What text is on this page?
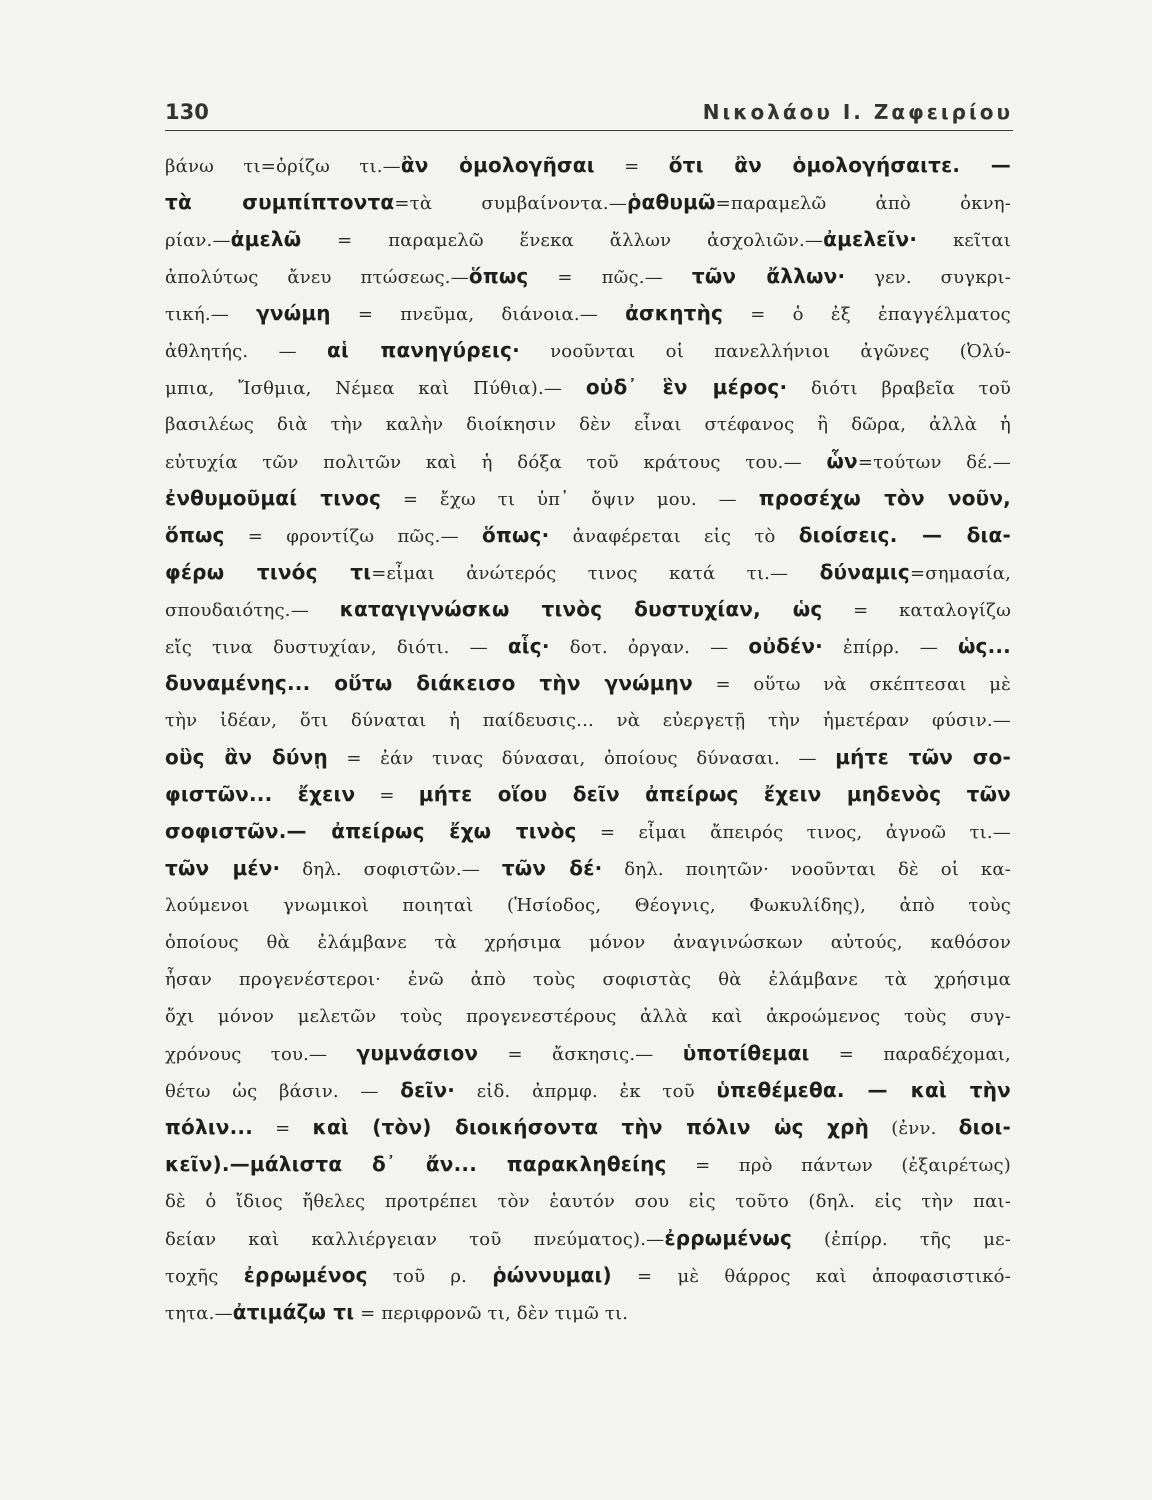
130	Νικολάου Ι. Ζαφειρίου
βάνω τι=ὁρίζω τι.—ἂν ὁμολογῆσαι = ὅτι ἂν ὁμολογήσαιτε. —
τὰ συμπίπτοντα=τὰ συμβαίνοντα.—ῥαθυμῶ=παραμελῶ ἀπὸ ὀκνη-
ρίαν.—ἀμελῶ = παραμελῶ ἕνεκα ἄλλων ἀσχολιῶν.—ἀμελεῖν· κεῖται
ἀπολύτως ἄνευ πτώσεως.—ὅπως = πῶς.— τῶν ἄλλων· γεν. συγκρι-
τική.— γνώμη = πνεῦμα, διάνοια.— ἀσκητὴς = ὁ ἐξ ἐπαγγέλματος
ἀθλητής. — αἱ πανηγύρεις· νοοῦνται οἱ πανελλήνιοι ἀγῶνες (Ὀλύ-
μπια, Ἴσθμια, Νέμεα καὶ Πύθια).— οὐδ᾽ ἓν μέρος· διότι βραβεῖα τοῦ
βασιλέως διὰ τὴν καλὴν διοίκησιν δὲν εἶναι στέφανος ἢ δῶρα, ἀλλὰ ἡ
εὐτυχία τῶν πολιτῶν καὶ ἡ δόξα τοῦ κράτους του.— ὧν=τούτων δέ.—
ἐνθυμοῦμαί τινος = ἔχω τι ὑπ᾽ ὄψιν μου. — προσέχω τὸν νοῦν,
ὅπως = φροντίζω πῶς.— ὅπως· ἀναφέρεται εἰς τὸ διοίσεις. — δια-
φέρω τινός τι=εἶμαι ἀνώτερός τινος κατά τι.— δύναμις=σημασία,
σπουδαιότης.— καταγιγνώσκω τινὸς δυστυχίαν, ὡς = καταλογίζω
εἴς τινα δυστυχίαν, διότι. — αἷς· δοτ. ὀργαν. — οὐδέν· ἐπίρρ. — ὡς...
δυναμένης... οὕτω διάκεισο τὴν γνώμην = οὕτω νὰ σκέπτεσαι μὲ
τὴν ἰδέαν, ὅτι δύναται ἡ παίδευσις... νὰ εὐεργετῇ τὴν ἡμετέραν φύσιν.—
οὓς ἂν δύνῃ = ἐάν τινας δύνασαι, ὁποίους δύνασαι. — μήτε τῶν σο-
φιστῶν... ἔχειν = μήτε οἵου δεῖν ἀπείρως ἔχειν μηδενὸς τῶν
σοφιστῶν.— ἀπείρως ἔχω τινὸς = εἶμαι ἄπειρός τινος, ἀγνοῶ τι.—
τῶν μέν· δηλ. σοφιστῶν.— τῶν δέ· δηλ. ποιητῶν· νοοῦνται δὲ οἱ κα-
λούμενοι γνωμικοὶ ποιηταὶ (Ἡσίοδος, Θέογνις, Φωκυλίδης), ἀπὸ τοὺς
ὁποίους θὰ ἐλάμβανε τὰ χρήσιμα μόνον ἀναγινώσκων αὐτούς, καθόσον
ἦσαν προγενέστεροι· ἐνῶ ἀπὸ τοὺς σοφιστὰς θὰ ἐλάμβανε τὰ χρήσιμα
ὄχι μόνον μελετῶν τοὺς προγενεστέρους ἀλλὰ καὶ ἀκροώμενος τοὺς συγ-
χρόνους του.— γυμνάσιον = ἄσκησις.— ὑποτίθεμαι = παραδέχομαι,
θέτω ὡς βάσιν. — δεῖν· εἰδ. ἀπρμφ. ἐκ τοῦ ὑπεθέμεθα. — καὶ τὴν
πόλιν... = καὶ (τὸν) διοικήσοντα τὴν πόλιν ὡς χρὴ (ἐνν. διοι-
κεῖν).—μάλιστα δ᾽ ἄν... παρακληθείης = πρὸ πάντων (ἐξαιρέτως)
δὲ ὁ ἴδιος ἤθελες προτρέπει τὸν ἑαυτόν σου εἰς τοῦτο (δηλ. εἰς τὴν παι-
δείαν καὶ καλλιέργειαν τοῦ πνεύματος).—ἐρρωμένως (ἐπίρρ. τῆς με-
τοχῆς ἐρρωμένος τοῦ ρ. ῥώννυμαι) = μὲ θάρρος καὶ ἀποφασιστικό-
τητα.—ἀτιμάζω τι = περιφρονῶ τι, δὲν τιμῶ τι.
